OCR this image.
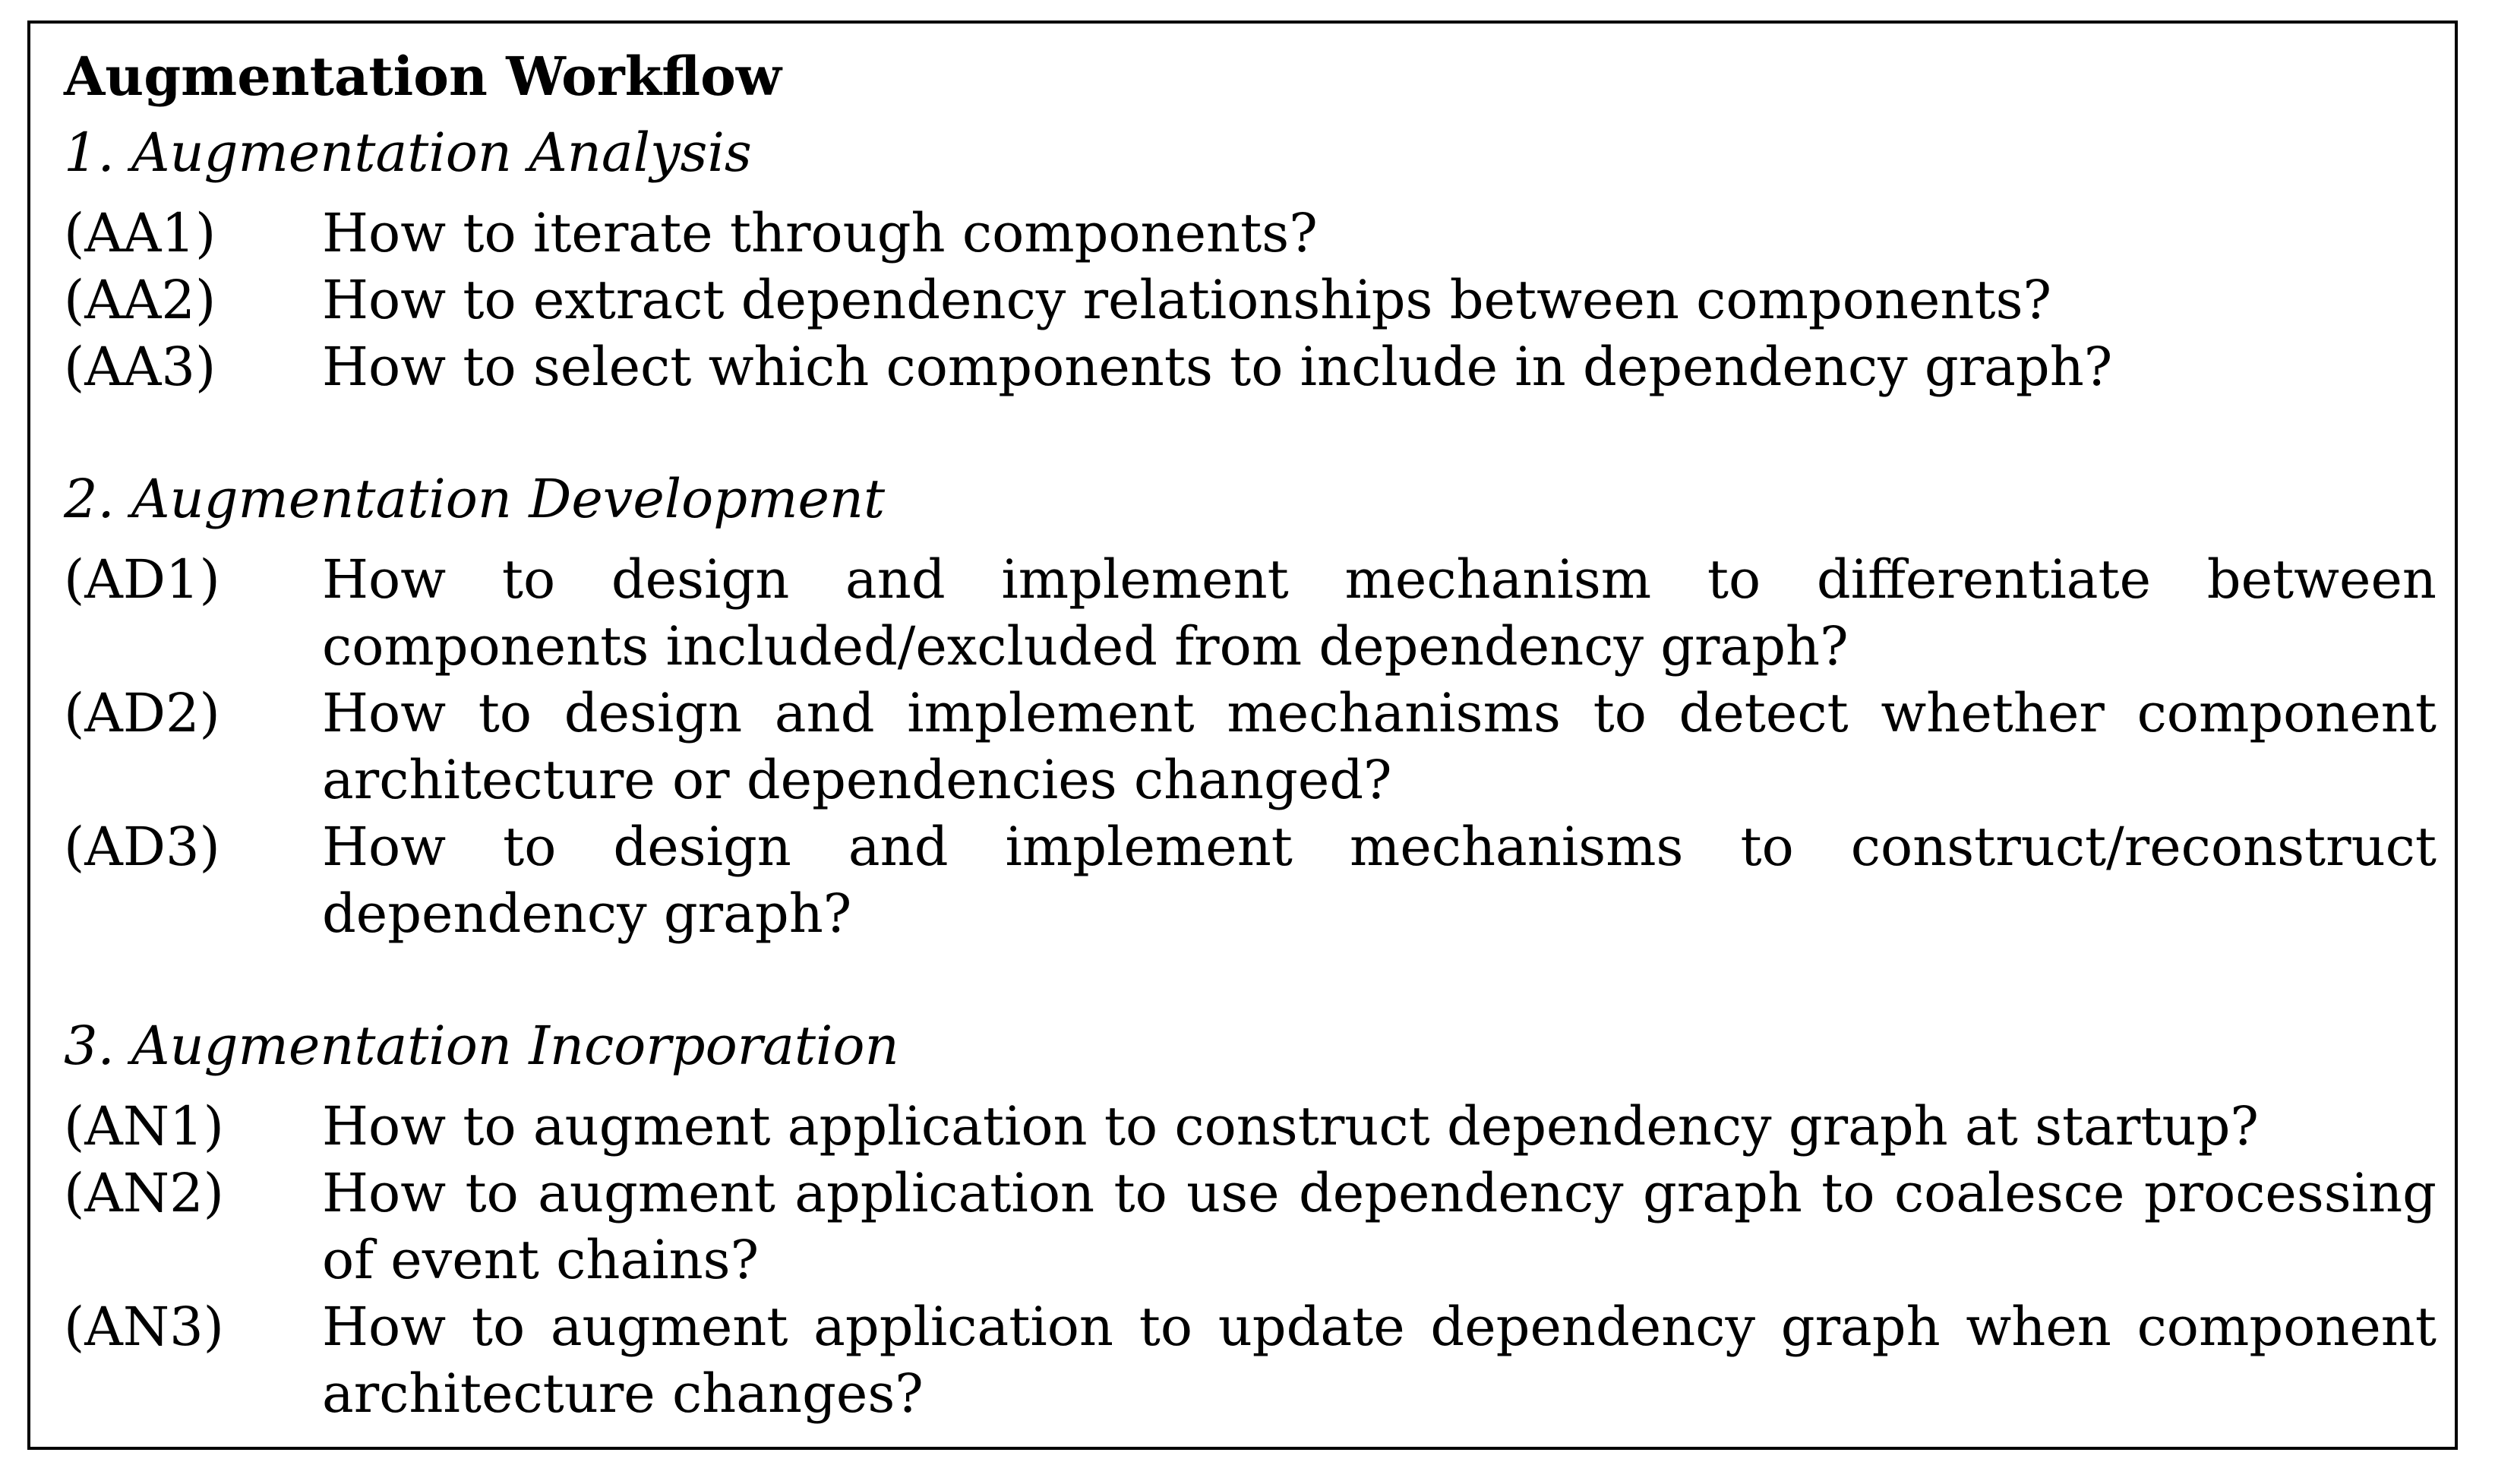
Augmentation Workflow
1. Augmentation Analysis
(AA1)	How to iterate through components?
(AA2)	How to extract dependency relationships between components?
(AA3)	How to select which components to include in dependency graph?
2. Augmentation Development
(AD1)	How to design and implement mechanism to differentiate between components included/excluded from dependency graph?
(AD2)	How to design and implement mechanisms to detect whether component architecture or dependencies changed?
(AD3)	How to design and implement mechanisms to construct/reconstruct dependency graph?
3. Augmentation Incorporation
(AN1)	How to augment application to construct dependency graph at startup?
(AN2)	How to augment application to use dependency graph to coalesce processing of event chains?
(AN3)	How to augment application to update dependency graph when component architecture changes?
